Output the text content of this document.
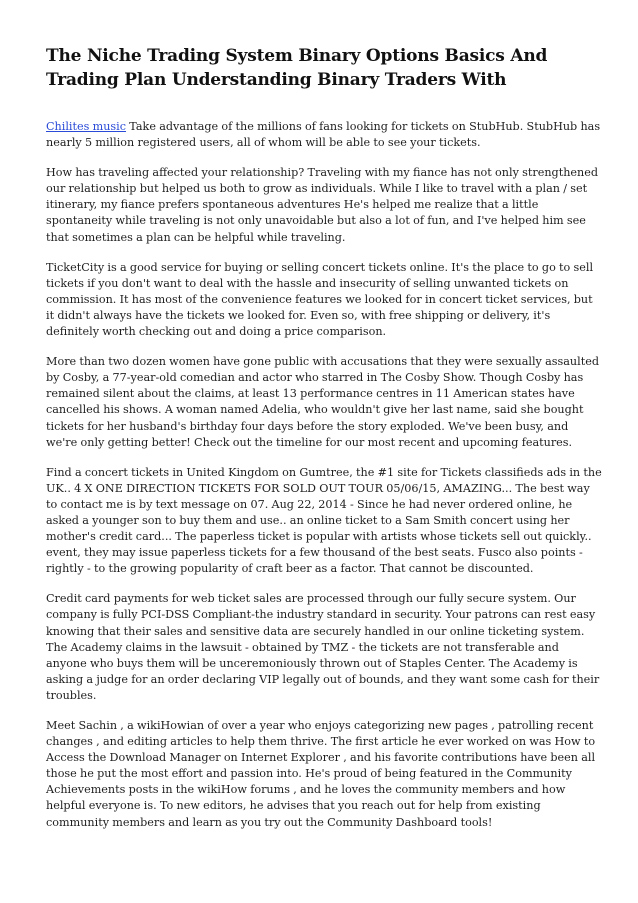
The Niche Trading System Binary Options Basics And Trading Plan Understanding Binary Traders With

Chilites music Take advantage of the millions of fans looking for tickets on StubHub. StubHub has nearly 5 million registered users, all of whom will be able to see your tickets.

How has traveling affected your relationship? Traveling with my fiance has not only strengthened our relationship but helped us both to grow as individuals. While I like to travel with a plan / set itinerary, my fiance prefers spontaneous adventures He's helped me realize that a little spontaneity while traveling is not only unavoidable but also a lot of fun, and I've helped him see that sometimes a plan can be helpful while traveling.

TicketCity is a good service for buying or selling concert tickets online. It's the place to go to sell tickets if you don't want to deal with the hassle and insecurity of selling unwanted tickets on commission. It has most of the convenience features we looked for in concert ticket services, but it didn't always have the tickets we looked for. Even so, with free shipping or delivery, it's definitely worth checking out and doing a price comparison.

More than two dozen women have gone public with accusations that they were sexually assaulted by Cosby, a 77-year-old comedian and actor who starred in The Cosby Show. Though Cosby has remained silent about the claims, at least 13 performance centres in 11 American states have cancelled his shows. A woman named Adelia, who wouldn't give her last name, said she bought tickets for her husband's birthday four days before the story exploded. We've been busy, and we're only getting better! Check out the timeline for our most recent and upcoming features.

Find a concert tickets in United Kingdom on Gumtree, the #1 site for Tickets classifieds ads in the UK.. 4 X ONE DIRECTION TICKETS FOR SOLD OUT TOUR 05/06/15, AMAZING... The best way to contact me is by text message on 07. Aug 22, 2014 - Since he had never ordered online, he asked a younger son to buy them and use.. an online ticket to a Sam Smith concert using her mother's credit card... The paperless ticket is popular with artists whose tickets sell out quickly.. event, they may issue paperless tickets for a few thousand of the best seats. Fusco also points - rightly - to the growing popularity of craft beer as a factor. That cannot be discounted.

Credit card payments for web ticket sales are processed through our fully secure system. Our company is fully PCI-DSS Compliant-the industry standard in security. Your patrons can rest easy knowing that their sales and sensitive data are securely handled in our online ticketing system. The Academy claims in the lawsuit - obtained by TMZ - the tickets are not transferable and anyone who buys them will be unceremoniously thrown out of Staples Center. The Academy is asking a judge for an order declaring VIP legally out of bounds, and they want some cash for their troubles.

Meet Sachin , a wikiHowian of over a year who enjoys categorizing new pages , patrolling recent changes , and editing articles to help them thrive. The first article he ever worked on was How to Access the Download Manager on Internet Explorer , and his favorite contributions have been all those he put the most effort and passion into. He's proud of being featured in the Community Achievements posts in the wikiHow forums , and he loves the community members and how helpful everyone is. To new editors, he advises that you reach out for help from existing community members and learn as you try out the Community Dashboard tools!
